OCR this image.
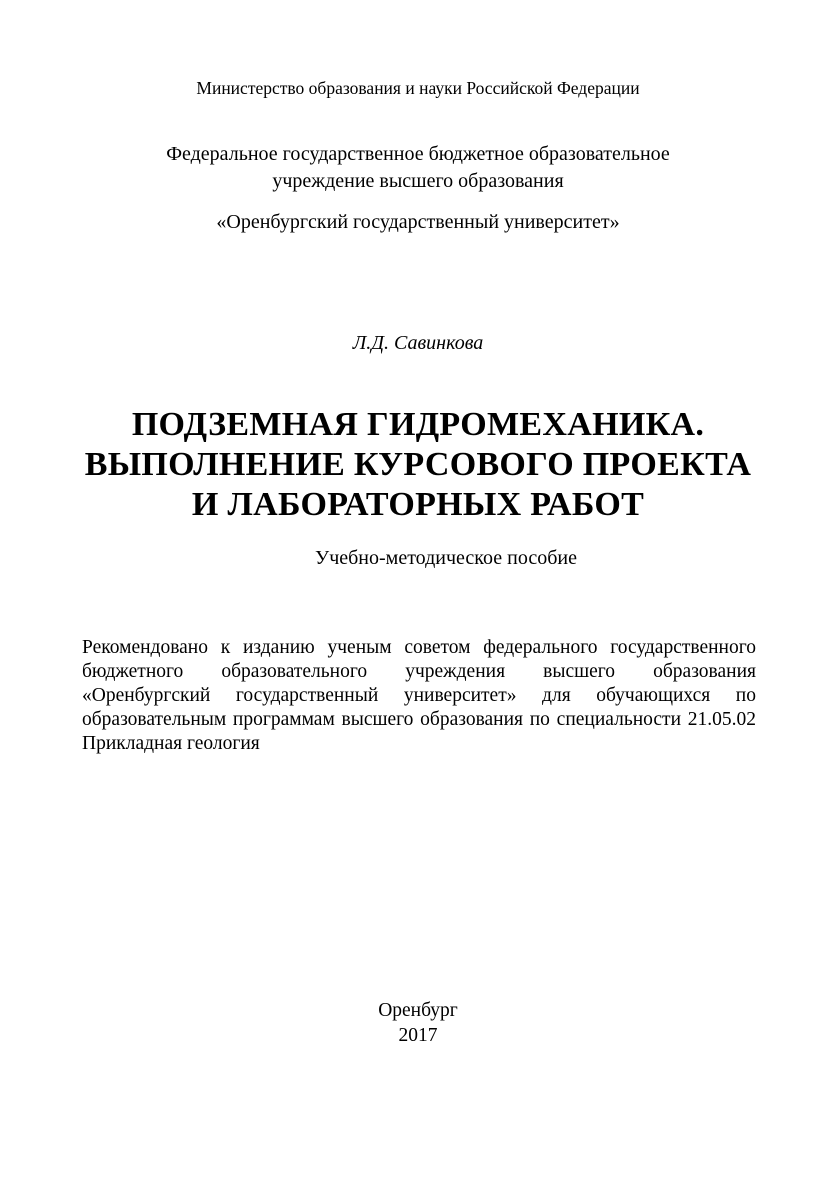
Министерство образования и науки Российской Федерации
Федеральное государственное бюджетное образовательное
учреждение высшего образования
«Оренбургский государственный университет»
Л.Д. Савинкова
ПОДЗЕМНАЯ ГИДРОМЕХАНИКА.
ВЫПОЛНЕНИЕ КУРСОВОГО ПРОЕКТА
И ЛАБОРАТОРНЫХ РАБОТ
Учебно-методическое пособие
Рекомендовано к изданию ученым советом федерального государственного
бюджетного образовательного учреждения высшего образования
«Оренбургский государственный университет» для обучающихся по
образовательным программам высшего образования по специальности 21.05.02
Прикладная геология
Оренбург
2017
